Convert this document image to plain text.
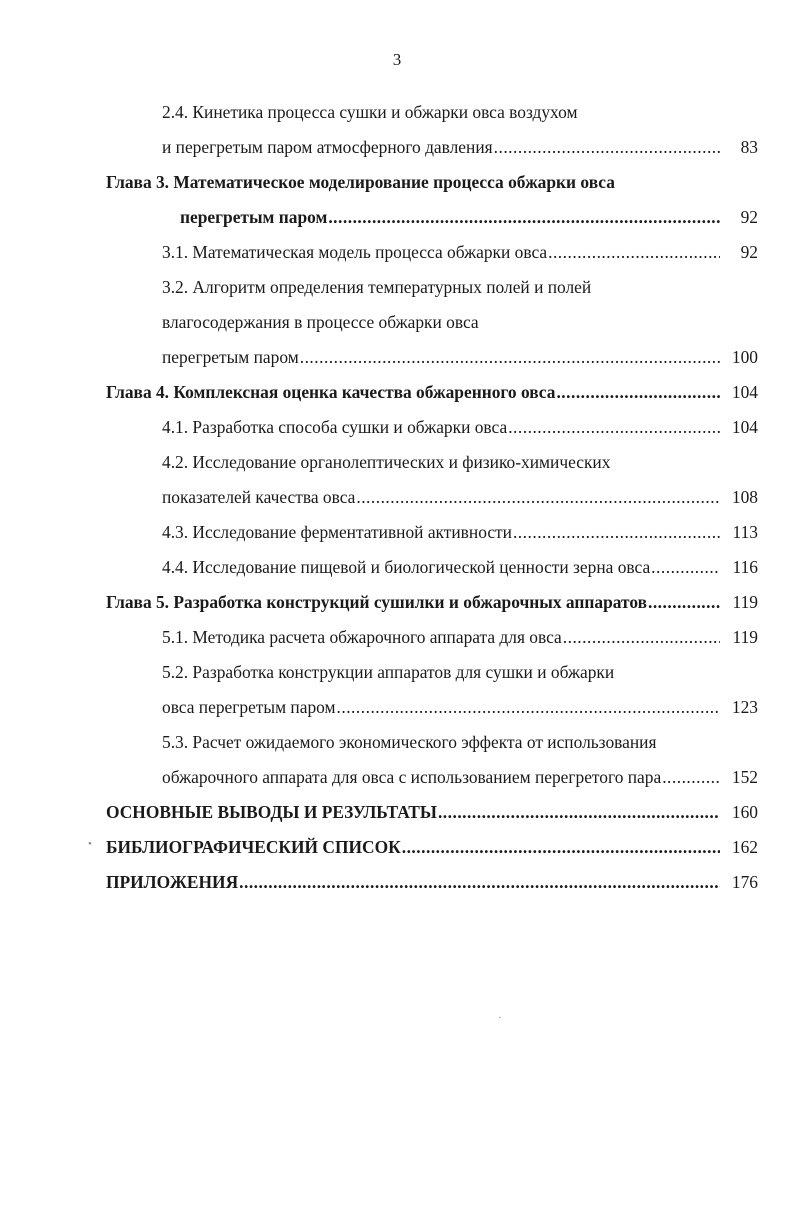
3
2.4. Кинетика процесса сушки и обжарки овса воздухом
и перегретым паром атмосферного давления .....	83
Глава 3. Математическое моделирование процесса обжарки овса
перегретым паром .....	92
3.1. Математическая модель процесса обжарки овса .....	92
3.2. Алгоритм определения температурных полей и полей
влагосодержания в процессе обжарки овса
перегретым паром .....	100
Глава 4. Комплексная оценка качества обжаренного овса .....	104
4.1. Разработка способа сушки и обжарки овса .....	104
4.2. Исследование органолептических и физико-химических
показателей качества овса .....	108
4.3. Исследование ферментативной активности .....	113
4.4. Исследование пищевой и биологической ценности зерна овса .....	116
Глава 5. Разработка конструкций сушилки и обжарочных аппаратов .....	119
5.1. Методика расчета обжарочного аппарата для овса .....	119
5.2. Разработка конструкции аппаратов для сушки и обжарки
овса перегретым паром .....	123
5.3. Расчет ожидаемого экономического эффекта от использования
обжарочного аппарата для овса с использованием перегретого пара .....	152
ОСНОВНЫЕ ВЫВОДЫ И РЕЗУЛЬТАТЫ .....	160
БИБЛИОГРАФИЧЕСКИЙ СПИСОК .....	162
ПРИЛОЖЕНИЯ .....	176
•
·
